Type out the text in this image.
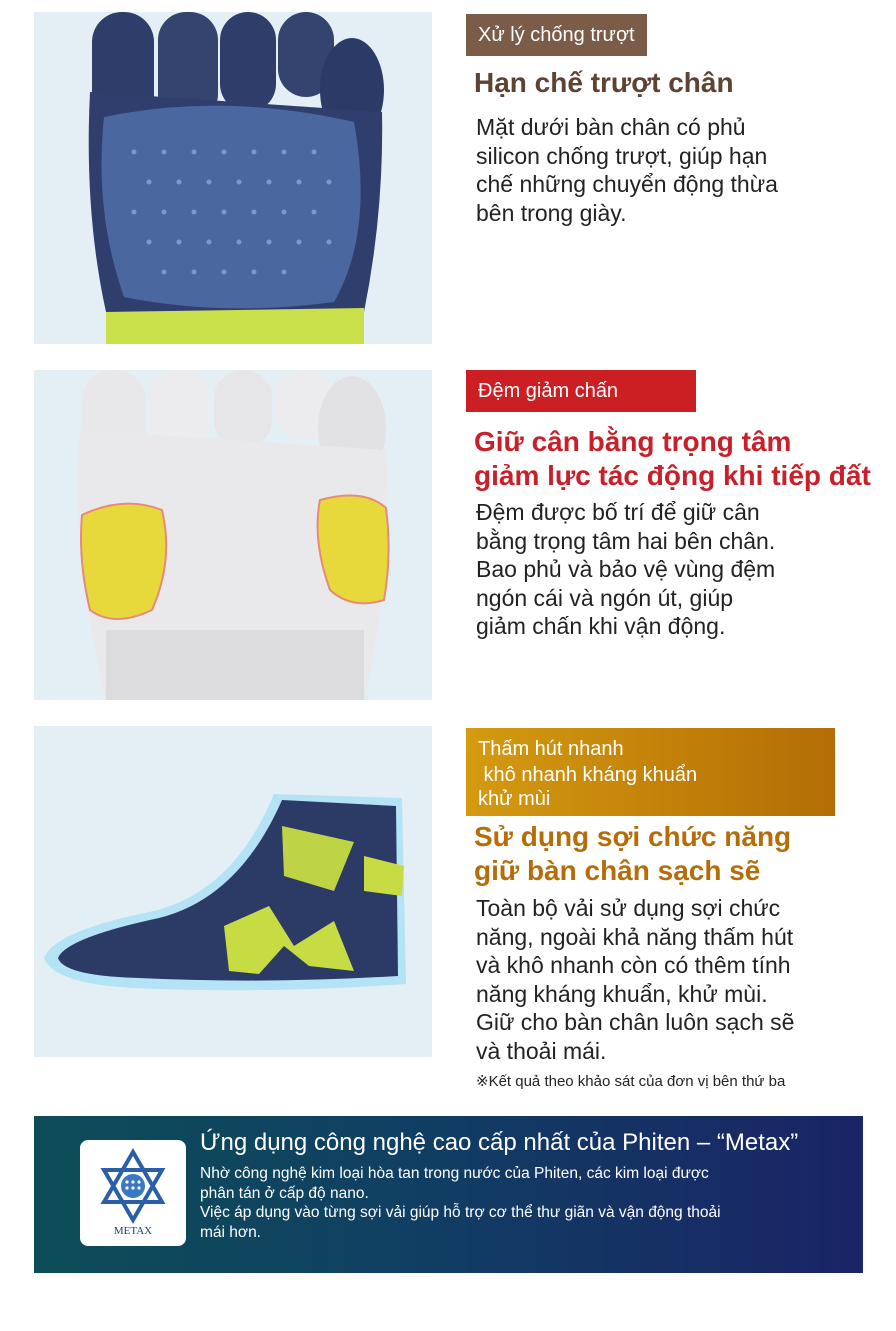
Xử lý chống trượt
Hạn chế trượt chân
Mặt dưới bàn chân có phủ
silicon chống trượt, giúp hạn
chế những chuyển động thừa
bên trong giày.
Đệm giảm chấn
Giữ cân bằng trọng tâm
giảm lực tác động khi tiếp đất
Đệm được bố trí để giữ cân
bằng trọng tâm hai bên chân.
Bao phủ và bảo vệ vùng đệm
ngón cái và ngón út, giúp
giảm chấn khi vận động.
Thấm hút nhanh
khô nhanh kháng khuẩn
khử mùi
Sử dụng sợi chức năng
giữ bàn chân sạch sẽ
Toàn bộ vải sử dụng sợi chức
năng, ngoài khả năng thấm hút
và khô nhanh còn có thêm tính
năng kháng khuẩn, khử mùi.
Giữ cho bàn chân luôn sạch sẽ
và thoải mái.
※Kết quả theo khảo sát của đơn vị bên thứ ba
METAX
Ứng dụng công nghệ cao cấp nhất của Phiten – “Metax”
Nhờ công nghệ kim loại hòa tan trong nước của Phiten, các kim loại được
phân tán ở cấp độ nano.
Việc áp dụng vào từng sợi vải giúp hỗ trợ cơ thể thư giãn và vận động thoải
mái hơn.
